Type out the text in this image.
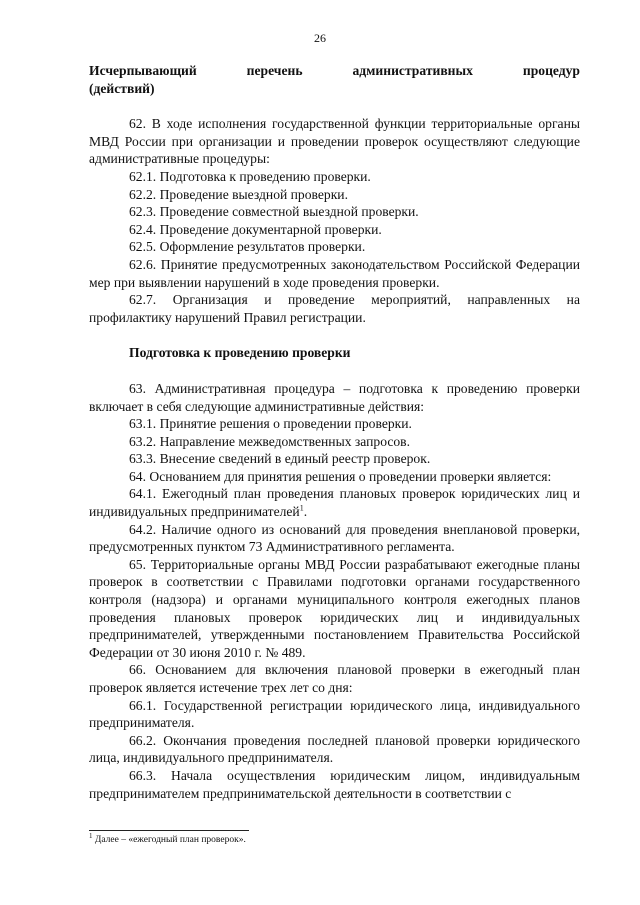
26

Исчерпывающий перечень административных процедур

(действий)

62. В ходе исполнения государственной функции территориальные органы МВД России при организации и проведении проверок осуществляют следующие административные процедуры:

62.1. Подготовка к проведению проверки.

62.2. Проведение выездной проверки.

62.3. Проведение совместной выездной проверки.

62.4. Проведение документарной проверки.

62.5. Оформление результатов проверки.

62.6. Принятие предусмотренных законодательством Российской Федерации мер при выявлении нарушений в ходе проведения проверки.

62.7. Организация и проведение мероприятий, направленных на профилактику нарушений Правил регистрации.

Подготовка к проведению проверки

63. Административная процедура – подготовка к проведению проверки включает в себя следующие административные действия:

63.1. Принятие решения о проведении проверки.

63.2. Направление межведомственных запросов.

63.3. Внесение сведений в единый реестр проверок.

64. Основанием для принятия решения о проведении проверки является:

64.1. Ежегодный план проведения плановых проверок юридических лиц и индивидуальных предпринимателей$^1$.

64.2. Наличие одного из оснований для проведения внеплановой проверки, предусмотренных пунктом 73 Административного регламента.

65. Территориальные органы МВД России разрабатывают ежегодные планы проверок в соответствии с Правилами подготовки органами государственного контроля (надзора) и органами муниципального контроля ежегодных планов проведения плановых проверок юридических лиц и индивидуальных предпринимателей, утвержденными постановлением Правительства Российской Федерации от 30 июня 2010 г. № 489.

66. Основанием для включения плановой проверки в ежегодный план проверок является истечение трех лет со дня:

66.1. Государственной регистрации юридического лица, индивидуального предпринимателя.

66.2. Окончания проведения последней плановой проверки юридического лица, индивидуального предпринимателя.

66.3. Начала осуществления юридическим лицом, индивидуальным предпринимателем предпринимательской деятельности в соответствии с

$^1$ Далее – «ежегодный план проверок».
